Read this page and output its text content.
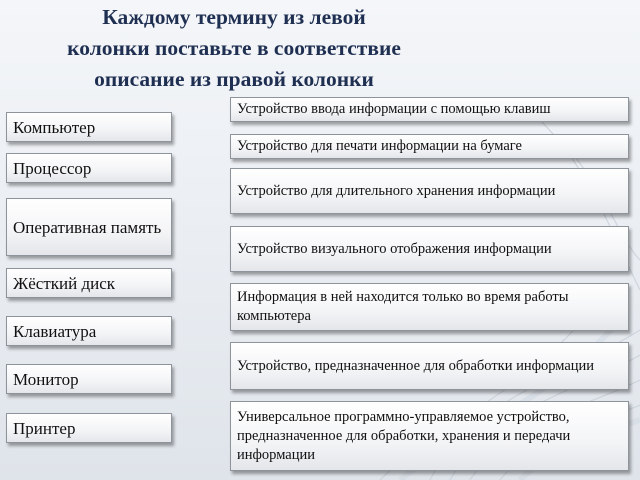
Каждому термину из левой
колонки поставьте в соответствие
описание из правой колонки
Компьютер
Процессор
Оперативная память
Жёсткий диск
Клавиатура
Монитор
Принтер
Устройство ввода информации с помощью клавиш
Устройство для печати информации на бумаге
Устройство для длительного хранения информации
Устройство визуального отображения информации
Информация в ней находится только во время работы компьютера
Устройство, предназначенное для обработки информации
Универсальное программно-управляемое устройство, предназначенное для обработки, хранения и передачи информации
